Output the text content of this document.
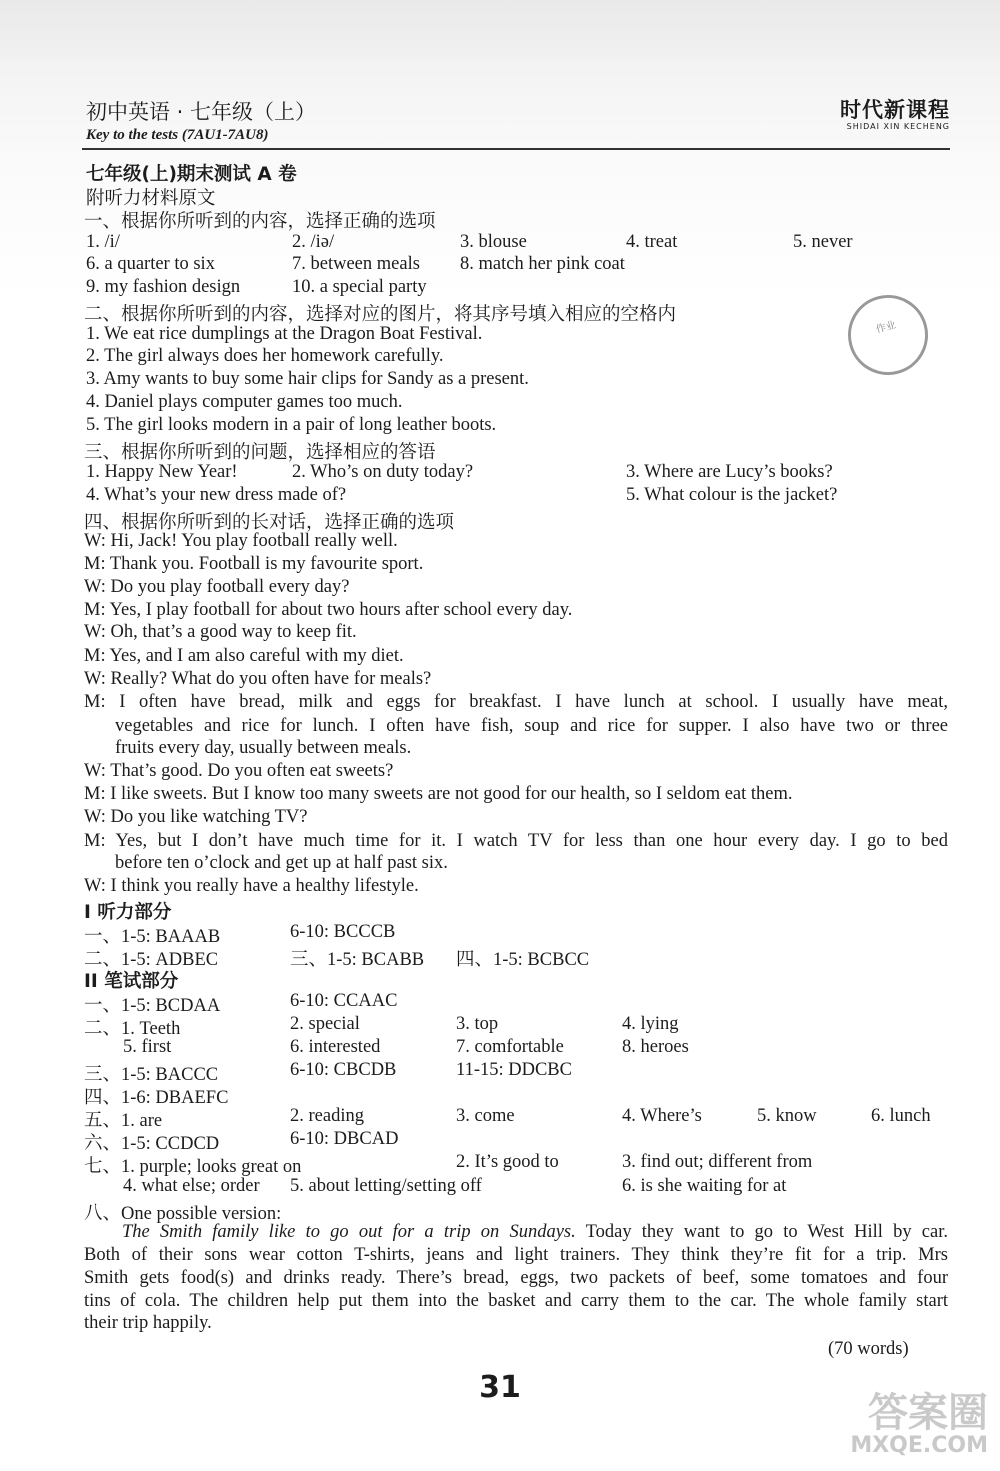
初中英语 · 七年级（上）
Key to the tests (7AU1-7AU8)
时代新课程
SHIDAI XIN KECHENG
作业
七年级(上)期末测试 A 卷
附听力材料原文
一、根据你所听到的内容，选择正确的选项
1. /i/	2. /iə/	3. blouse	4. treat	5. never
6. a quarter to six	7. between meals 8. match her pink coat
9. my fashion design	10. a special party
二、根据你所听到的内容，选择对应的图片，将其序号填入相应的空格内
1. We eat rice dumplings at the Dragon Boat Festival.
2. The girl always does her homework carefully.
3. Amy wants to buy some hair clips for Sandy as a present.
4. Daniel plays computer games too much.
5. The girl looks modern in a pair of long leather boots.
三、根据你所听到的问题，选择相应的答语
1. Happy New Year!	2. Who’s on duty today?	3. Where are Lucy’s books?
4. What’s your new dress made of?	5. What colour is the jacket?
四、根据你所听到的长对话，选择正确的选项
W: Hi, Jack! You play football really well.
M: Thank you. Football is my favourite sport.
W: Do you play football every day?
M: Yes, I play football for about two hours after school every day.
W: Oh, that’s a good way to keep fit.
M: Yes, and I am also careful with my diet.
W: Really? What do you often have for meals?
M: I often have bread, milk and eggs for breakfast. I have lunch at school. I usually have meat,
vegetables and rice for lunch. I often have fish, soup and rice for supper. I also have two or three
fruits every day, usually between meals.
W: That’s good. Do you often eat sweets?
M: I like sweets. But I know too many sweets are not good for our health, so I seldom eat them.
W: Do you like watching TV?
M: Yes, but I don’t have much time for it. I watch TV for less than one hour every day. I go to bed
before ten o’clock and get up at half past six.
W: I think you really have a healthy lifestyle.
I 听力部分
一、1-5: BAAAB	6-10: BCCCB
二、1-5: ADBEC	三、1-5: BCABB 四、1-5: BCBCC
II 笔试部分
一、1-5: BCDAA	6-10: CCAAC
二、1. Teeth	2. special	3. top	4. lying
5. first	6. interested	7. comfortable	8. heroes
三、1-5: BACCC	6-10: CBCDB	11-15: DDCBC
四、1-6: DBAEFC
五、1. are	2. reading	3. come	4. Where’s	5. know	6. lunch
六、1-5: CCDCD	6-10: DBCAD
七、1. purple; looks great on	2. It’s good to	3. find out; different from
4. what else; order 5. about letting/setting off	6. is she waiting for at
八、One possible version:
The Smith family like to go out for a trip on Sundays. Today they want to go to West Hill by car.
Both of their sons wear cotton T-shirts, jeans and light trainers. They think they’re fit for a trip. Mrs
Smith gets food(s) and drinks ready. There’s bread, eggs, two packets of beef, some tomatoes and four
tins of cola. The children help put them into the basket and carry them to the car. The whole family start
their trip happily.
(70 words)
31
答案圈
MXQE.COM
